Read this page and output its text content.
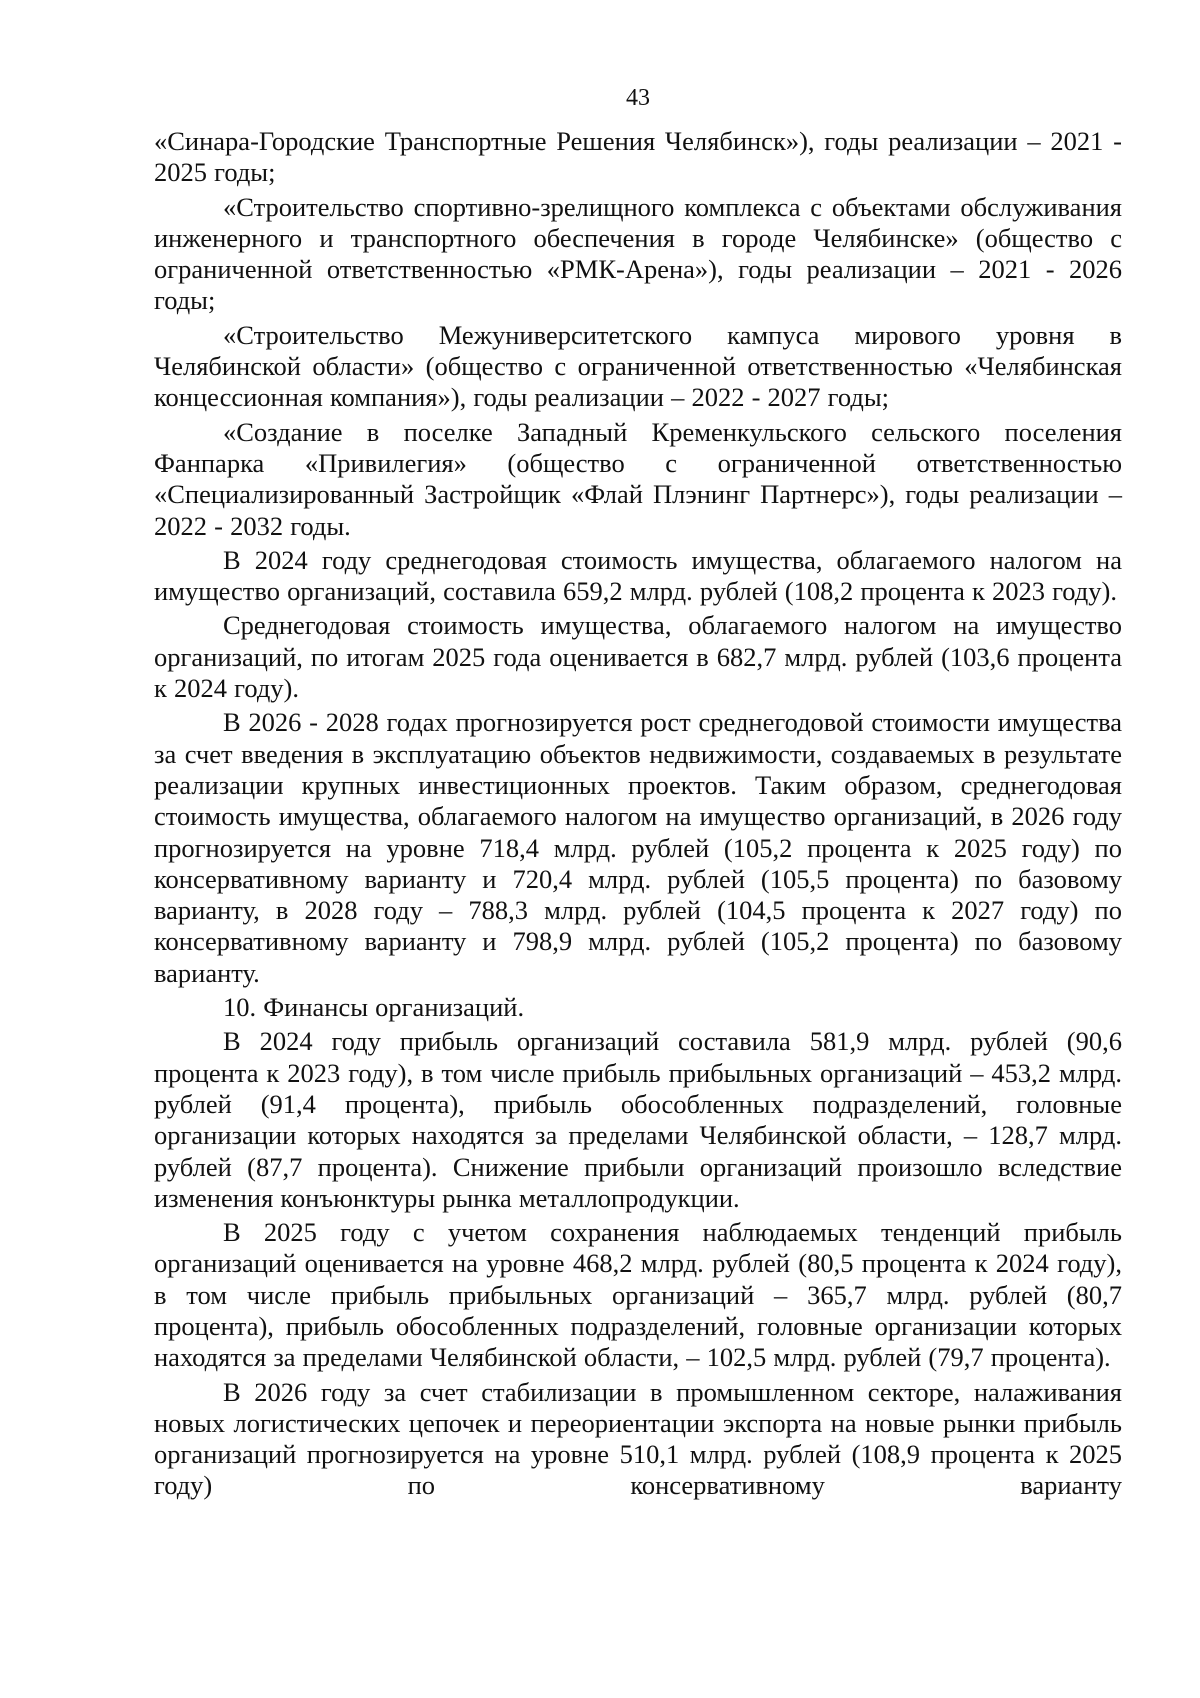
43

«Синара-Городские Транспортные Решения Челябинск»), годы реализации – 2021 - 2025 годы;

«Строительство спортивно-зрелищного комплекса с объектами обслуживания инженерного и транспортного обеспечения в городе Челябинске» (общество с ограниченной ответственностью «РМК-Арена»), годы реализации – 2021 - 2026 годы;

«Строительство Межуниверситетского кампуса мирового уровня в Челябинской области» (общество с ограниченной ответственностью «Челябинская концессионная компания»), годы реализации – 2022 - 2027 годы;

«Создание в поселке Западный Кременкульского сельского поселения Фанпарка «Привилегия» (общество с ограниченной ответственностью «Специализированный Застройщик «Флай Плэнинг Партнерс»), годы реализации – 2022 - 2032 годы.

В 2024 году среднегодовая стоимость имущества, облагаемого налогом на имущество организаций, составила 659,2 млрд. рублей (108,2 процента к 2023 году).

Среднегодовая стоимость имущества, облагаемого налогом на имущество организаций, по итогам 2025 года оценивается в 682,7 млрд. рублей (103,6 процента к 2024 году).

В 2026 - 2028 годах прогнозируется рост среднегодовой стоимости имущества за счет введения в эксплуатацию объектов недвижимости, создаваемых в результате реализации крупных инвестиционных проектов. Таким образом, среднегодовая стоимость имущества, облагаемого налогом на имущество организаций, в 2026 году прогнозируется на уровне 718,4 млрд. рублей (105,2 процента к 2025 году) по консервативному варианту и 720,4 млрд. рублей (105,5 процента) по базовому варианту, в 2028 году – 788,3 млрд. рублей (104,5 процента к 2027 году) по консервативному варианту и 798,9 млрд. рублей (105,2 процента) по базовому варианту.

10. Финансы организаций.

В 2024 году прибыль организаций составила 581,9 млрд. рублей (90,6 процента к 2023 году), в том числе прибыль прибыльных организаций – 453,2 млрд. рублей (91,4 процента), прибыль обособленных подразделений, головные организации которых находятся за пределами Челябинской области, – 128,7 млрд. рублей (87,7 процента). Снижение прибыли организаций произошло вследствие изменения конъюнктуры рынка металлопродукции.

В 2025 году с учетом сохранения наблюдаемых тенденций прибыль организаций оценивается на уровне 468,2 млрд. рублей (80,5 процента к 2024 году), в том числе прибыль прибыльных организаций – 365,7 млрд. рублей (80,7 процента), прибыль обособленных подразделений, головные организации которых находятся за пределами Челябинской области, – 102,5 млрд. рублей (79,7 процента).

В 2026 году за счет стабилизации в промышленном секторе, налаживания новых логистических цепочек и переориентации экспорта на новые рынки прибыль организаций прогнозируется на уровне 510,1 млрд. рублей (108,9 процента к 2025 году) по консервативному варианту
